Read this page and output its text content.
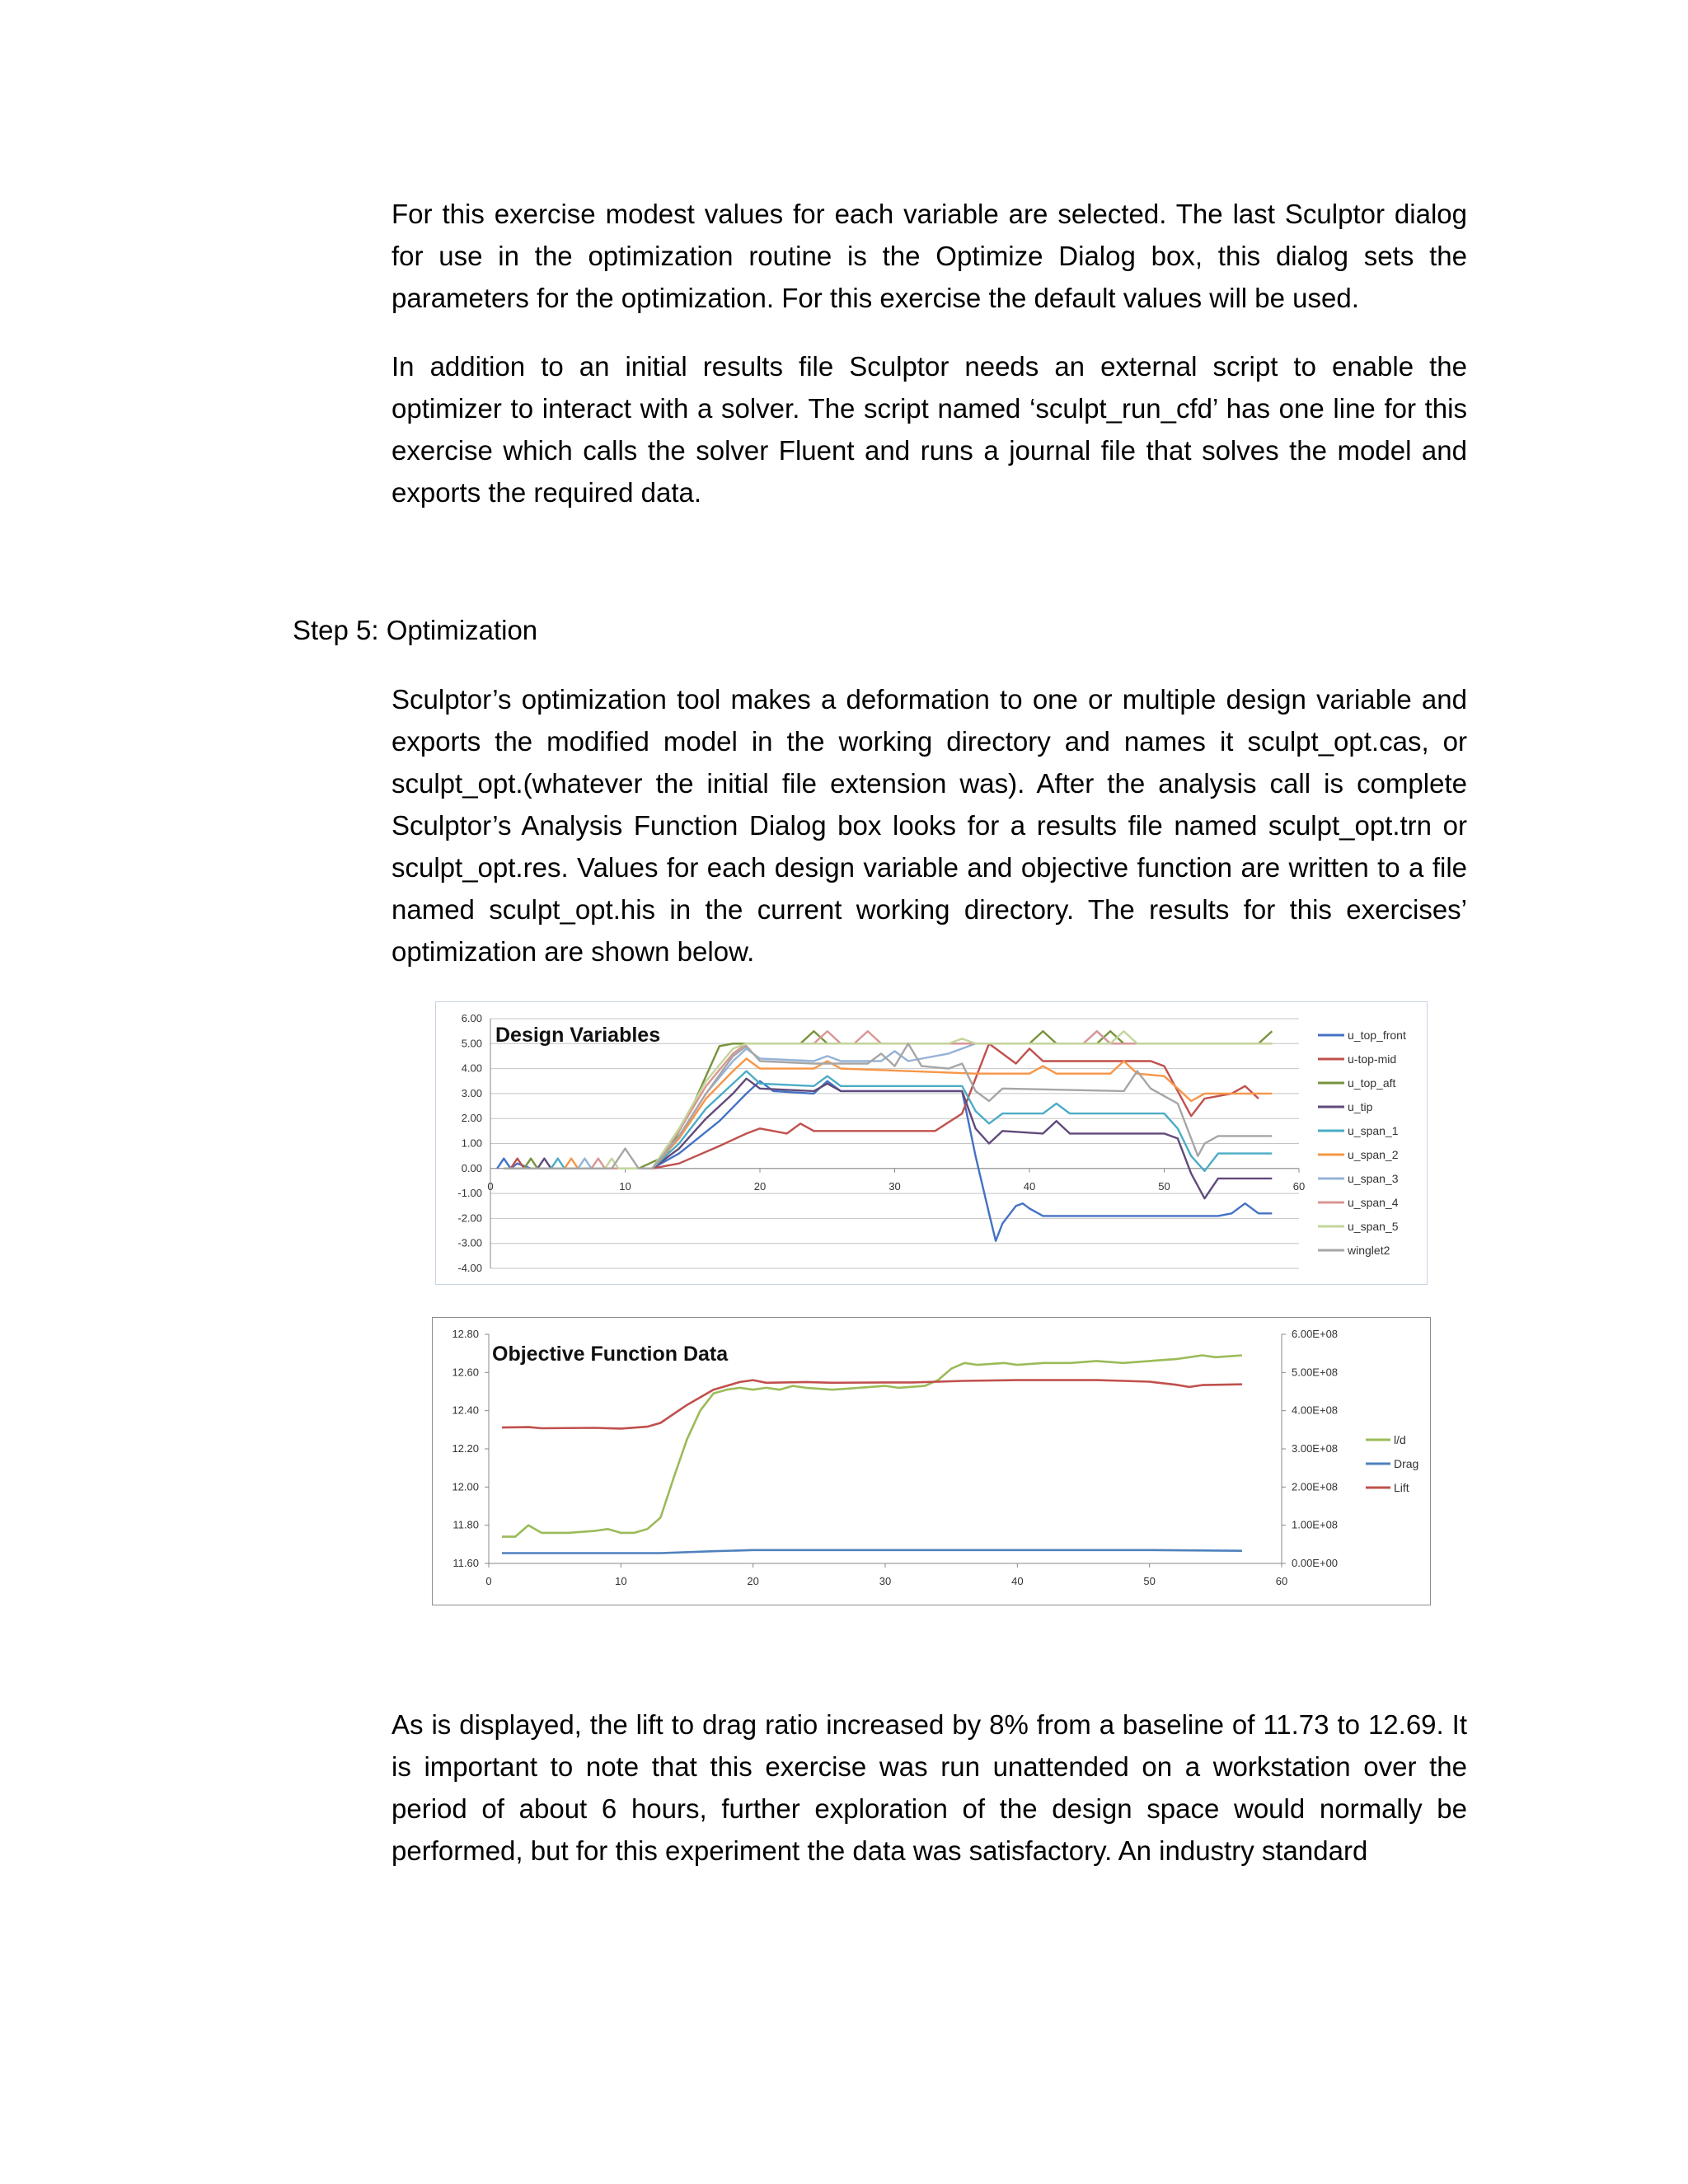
For this exercise modest values for each variable are selected. The last Sculptor dialog for use in the optimization routine is the Optimize Dialog box, this dialog sets the parameters for the optimization. For this exercise the default values will be used.

In addition to an initial results file Sculptor needs an external script to enable the optimizer to interact with a solver. The script named ‘sculpt_run_cfd’ has one line for this exercise which calls the solver Fluent and runs a journal file that solves the model and exports the required data.

Step 5: Optimization

Sculptor’s optimization tool makes a deformation to one or multiple design variable and exports the modified model in the working directory and names it sculpt_opt.cas, or sculpt_opt.(whatever the initial file extension was). After the analysis call is complete Sculptor’s Analysis Function Dialog box looks for a results file named sculpt_opt.trn or sculpt_opt.res. Values for each design variable and objective function are written to a file named sculpt_opt.his in the current working directory. The results for this exercises’ optimization are shown below.

6.00
5.00
4.00
3.00
2.00
1.00
0.00
-1.00
-2.00
-3.00
-4.00
0	10	20	30	40	50	60
u_top_front
u-top-mid
u_top_aft
u_tip
u_span_1
u_span_2
u_span_3
u_span_4
u_span_5
winglet2
Design Variables
12.80
12.60
12.40
12.20
12.00
11.80
11.60
6.00E+08
5.00E+08
4.00E+08
3.00E+08
2.00E+08
1.00E+08
0.00E+00
0	10	20	30	40	50	60
l/d
Drag
Lift
Objective Function Data

As is displayed, the lift to drag ratio increased by 8% from a baseline of 11.73 to 12.69. It is important to note that this exercise was run unattended on a workstation over the period of about 6 hours, further exploration of the design space would normally be performed, but for this experiment the data was satisfactory. An industry standard
